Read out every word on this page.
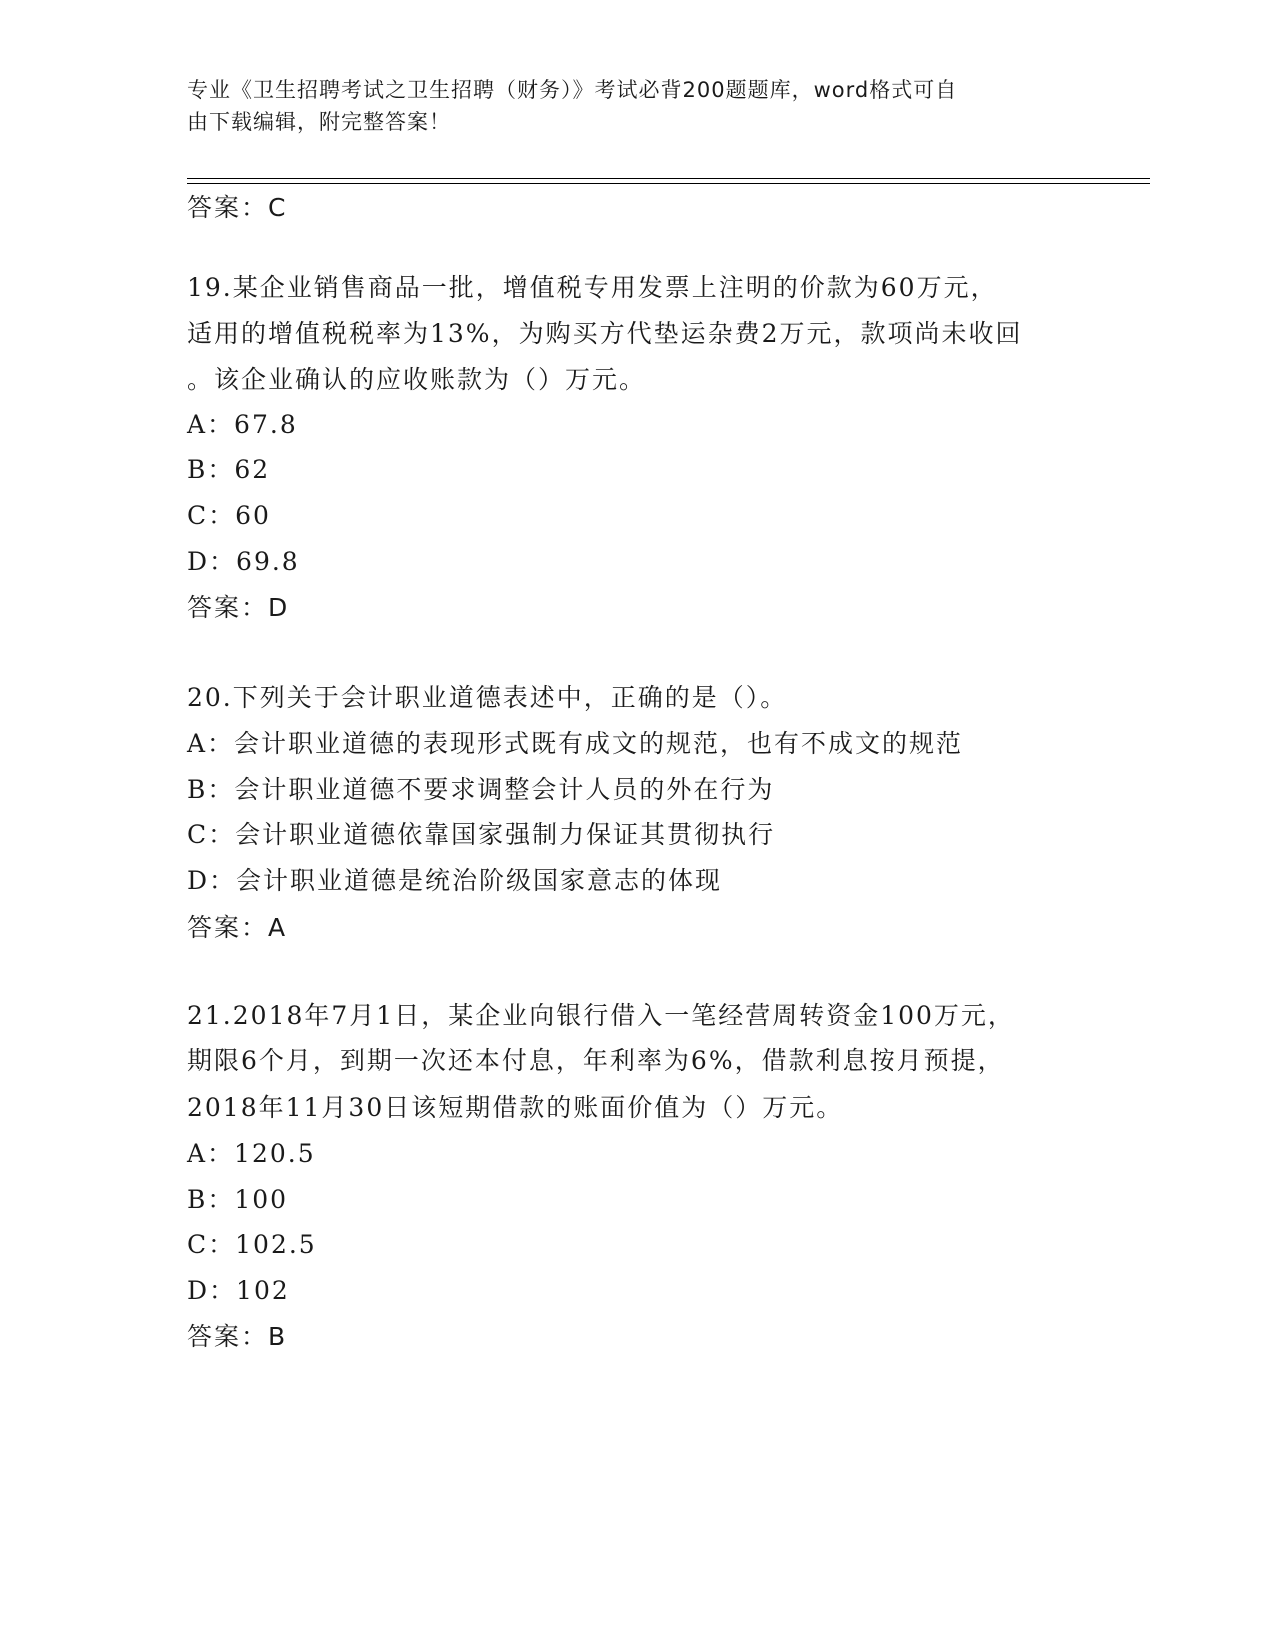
专业《卫生招聘考试之卫生招聘（财务）》考试必背200题题库，word格式可自
由下载编辑，附完整答案！
答案：C
19.某企业销售商品一批，增值税专用发票上注明的价款为60万元，
适用的增值税税率为13%，为购买方代垫运杂费2万元，款项尚未收回
。该企业确认的应收账款为（）万元。
A：67.8
B：62
C：60
D：69.8
答案：D
20.下列关于会计职业道德表述中，正确的是（）。
A：会计职业道德的表现形式既有成文的规范，也有不成文的规范
B：会计职业道德不要求调整会计人员的外在行为
C：会计职业道德依靠国家强制力保证其贯彻执行
D：会计职业道德是统治阶级国家意志的体现
答案：A
21.2018年7月1日，某企业向银行借入一笔经营周转资金100万元，
期限6个月，到期一次还本付息，年利率为6%，借款利息按月预提，
2018年11月30日该短期借款的账面价值为（）万元。
A：120.5
B：100
C：102.5
D：102
答案：B
